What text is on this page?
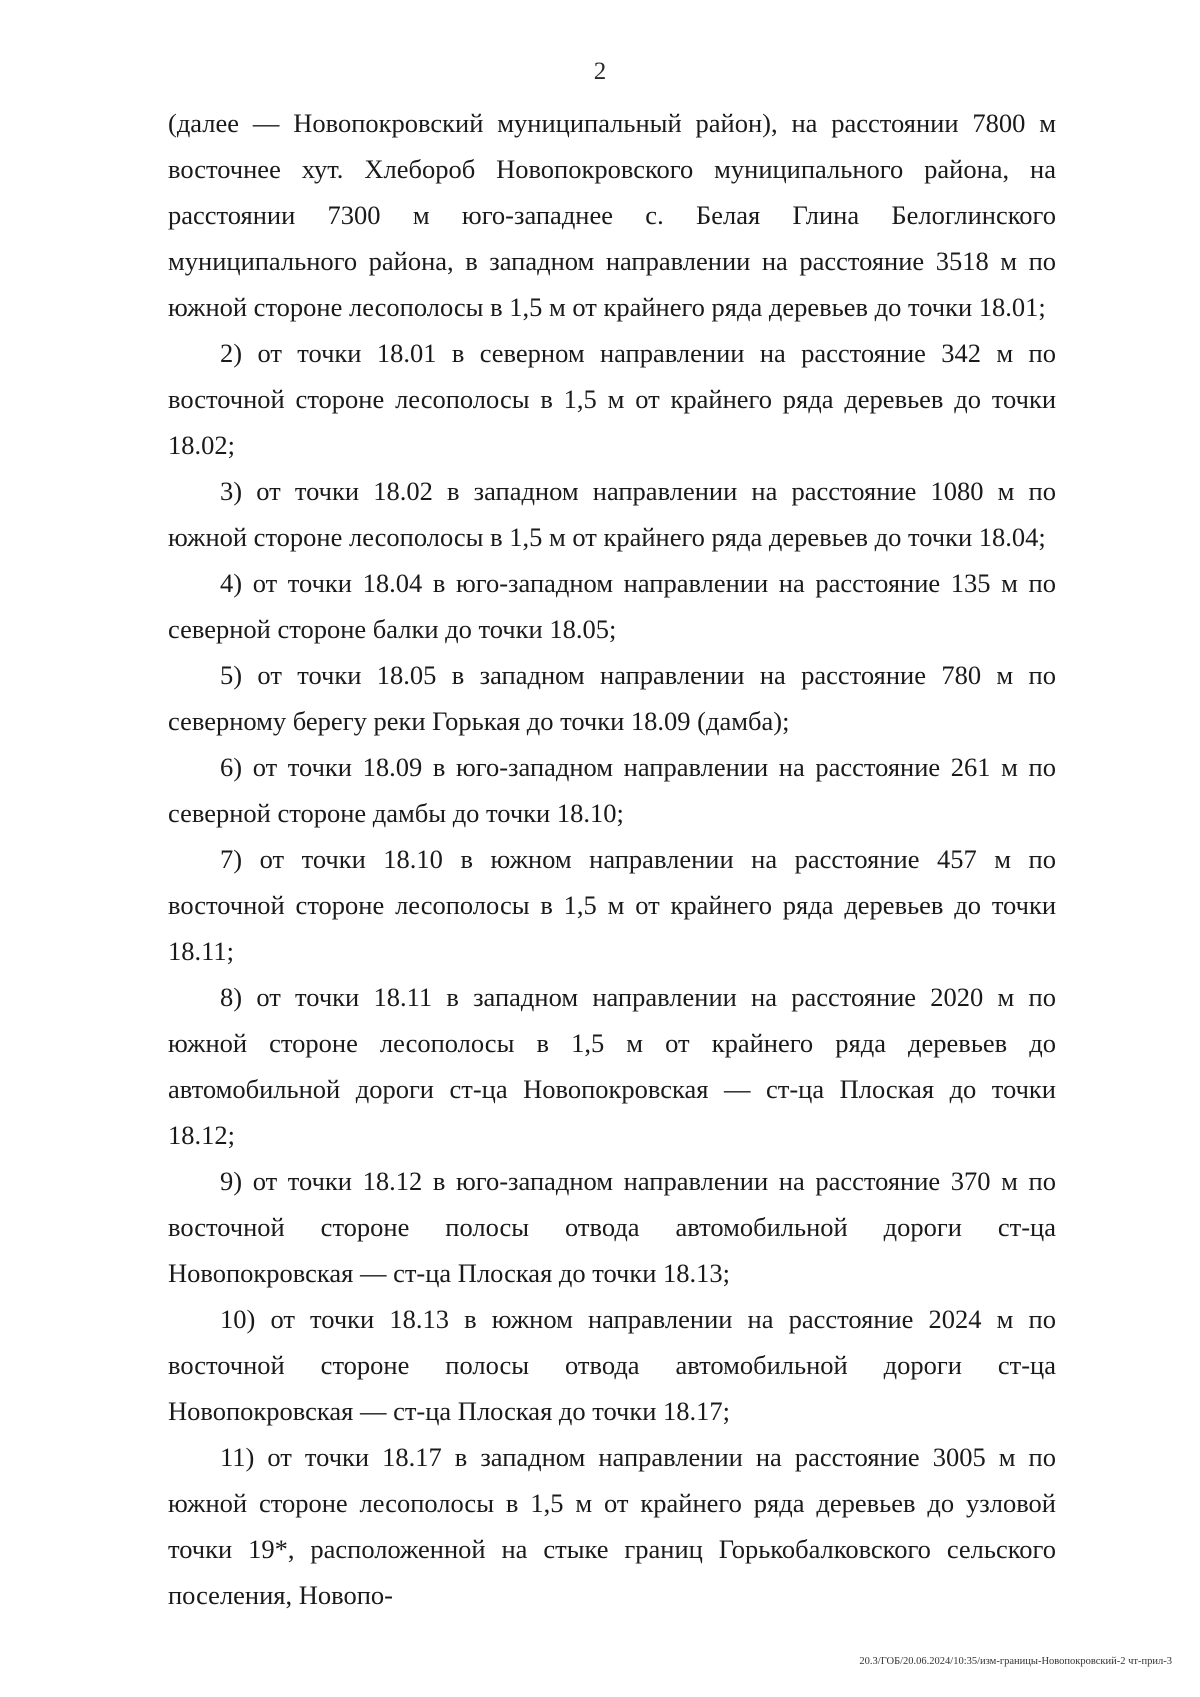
2

(далее — Новопокровский муниципальный район), на расстоянии 7800 м восточнее хут. Хлебороб Новопокровского муниципального района, на расстоянии 7300 м юго-западнее с. Белая Глина Белоглинского муниципального района, в западном направлении на расстояние 3518 м по южной стороне лесополосы в 1,5 м от крайнего ряда деревьев до точки 18.01;

2) от точки 18.01 в северном направлении на расстояние 342 м по восточной стороне лесополосы в 1,5 м от крайнего ряда деревьев до точки 18.02;

3) от точки 18.02 в западном направлении на расстояние 1080 м по южной стороне лесополосы в 1,5 м от крайнего ряда деревьев до точки 18.04;

4) от точки 18.04 в юго-западном направлении на расстояние 135 м по северной стороне балки до точки 18.05;

5) от точки 18.05 в западном направлении на расстояние 780 м по северному берегу реки Горькая до точки 18.09 (дамба);

6) от точки 18.09 в юго-западном направлении на расстояние 261 м по северной стороне дамбы до точки 18.10;

7) от точки 18.10 в южном направлении на расстояние 457 м по восточной стороне лесополосы в 1,5 м от крайнего ряда деревьев до точки 18.11;

8) от точки 18.11 в западном направлении на расстояние 2020 м по южной стороне лесополосы в 1,5 м от крайнего ряда деревьев до автомобильной дороги ст-ца Новопокровская — ст-ца Плоская до точки 18.12;

9) от точки 18.12 в юго-западном направлении на расстояние 370 м по восточной стороне полосы отвода автомобильной дороги ст-ца Новопокровская — ст-ца Плоская до точки 18.13;

10) от точки 18.13 в южном направлении на расстояние 2024 м по восточной стороне полосы отвода автомобильной дороги ст-ца Новопокровская — ст-ца Плоская до точки 18.17;

11) от точки 18.17 в западном направлении на расстояние 3005 м по южной стороне лесополосы в 1,5 м от крайнего ряда деревьев до узловой точки 19*, расположенной на стыке границ Горькобалковского сельского поселения, Новопо-

20.3/ГОБ/20.06.2024/10:35/изм-границы-Новопокровский-2 чт-прил-3
